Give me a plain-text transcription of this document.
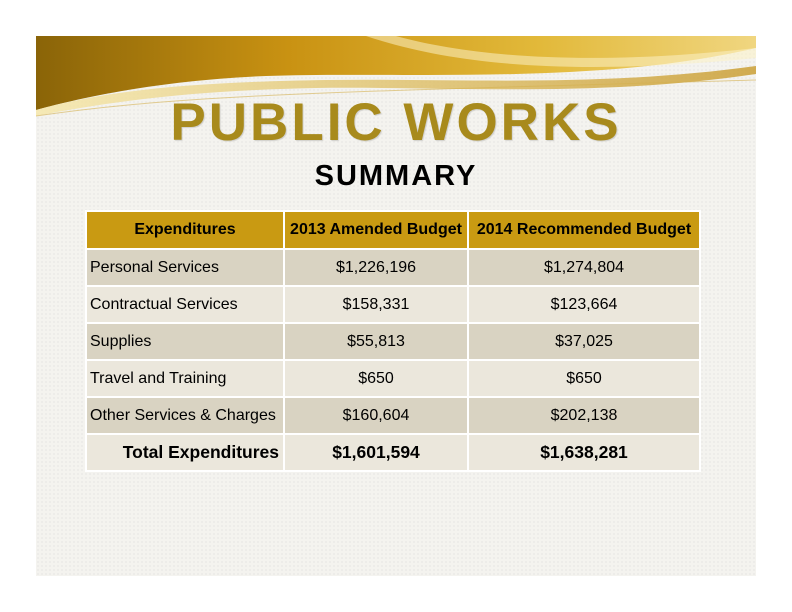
PUBLIC WORKS
SUMMARY
Expenditures	2013 Amended Budget	2014 Recommended Budget
Personal Services	$1,226,196	$1,274,804
Contractual Services	$158,331	$123,664
Supplies	$55,813	$37,025
Travel and Training	$650	$650
Other Services & Charges	$160,604	$202,138
Total Expenditures	$1,601,594	$1,638,281
